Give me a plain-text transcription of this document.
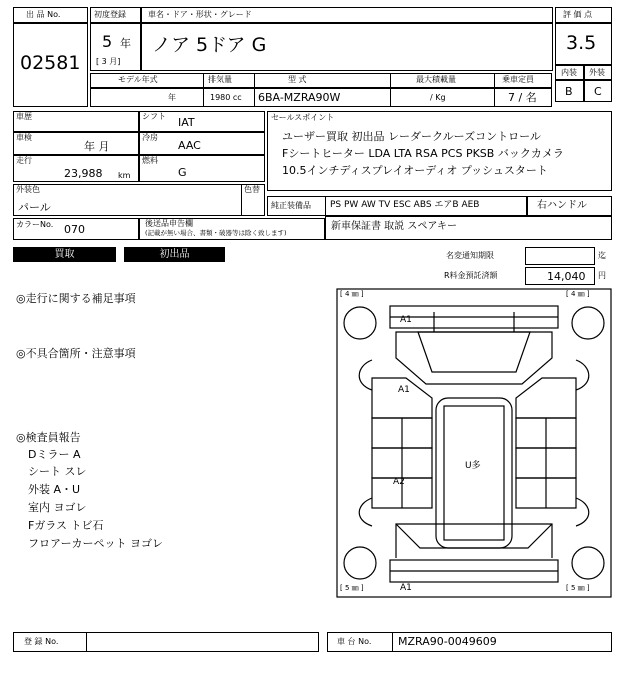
出 品 No.
02581
初度登録
5 年
[ 3 月]
車名・ドア・形状・グレード
ノア 5ドア G
評 価 点
3.5
モデル年式	排気量	型 式	最大積載量	乗車定員
年	1980 cc 6BA-MZRA90W	/ Kg	7 / 名
内装 外装
B C
車歴
車検
年 月
走行
23,988 km
シフト IAT
冷房
AAC
燃料
G
外装色
パール
色替
カラーNo. 070	後送品申告欄
(記載が無い場合、書類・破器等は除く致します)
セールスポイント
ユーザー買取 初出品 レーダークルーズコントロール
Fシートヒーター LDA LTA RSA PCS PKSB バックカメラ
10.5インチディスプレイオーディオ プッシュスタート
純正装備品 PS PW AW TV ESC ABS エアB AEB	右ハンドル
新車保証書 取説 スペアキー
買取	初出品	名変通知期限	迄
R料金預託済額	14,040 円
◎走行に関する補足事項
◎不具合箇所・注意事項
◎検査員報告
Dミラー A
シート スレ
外装 A・U
室内 ヨゴレ
Fガラス トビ石
フロアーカーペット ヨゴレ
[ 4 ㎜ ]	[ 4 ㎜ ]
[ 5 ㎜ ]	[ 5 ㎜ ]
A1
A1
A2
U多
A1
登 録 No.	車 台 No. MZRA90-0049609
